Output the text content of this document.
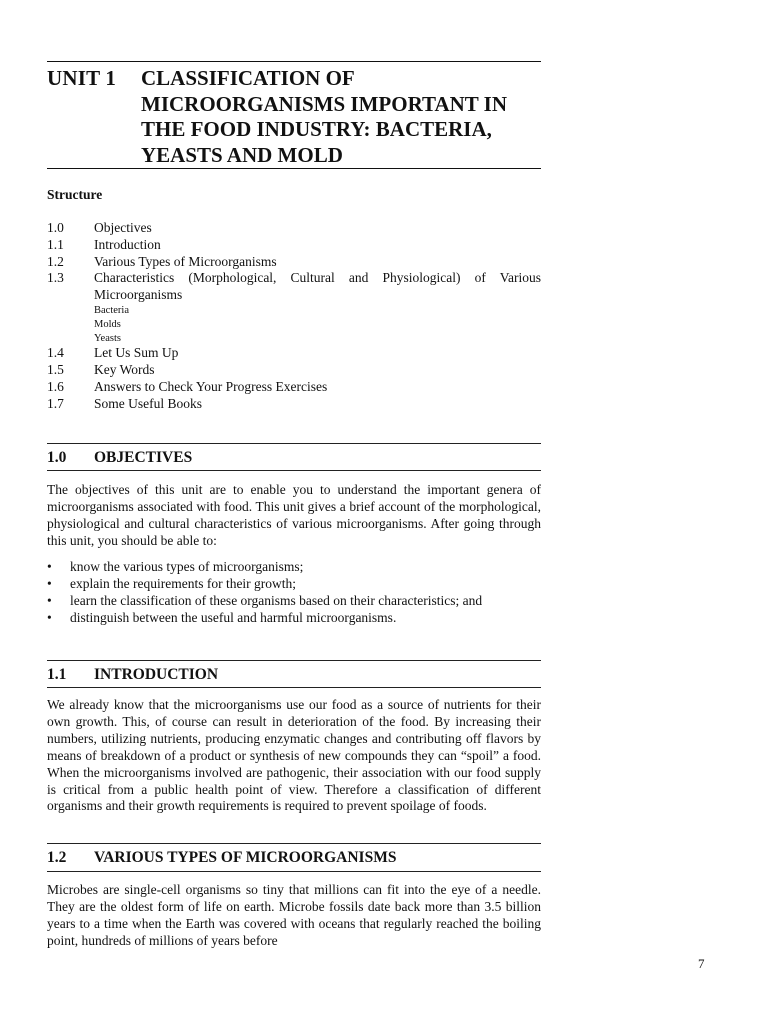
UNIT 1 CLASSIFICATION OF MICROORGANISMS IMPORTANT IN THE FOOD INDUSTRY: BACTERIA, YEASTS AND MOLD
Structure
1.0	Objectives
1.1	Introduction
1.2	Various Types of Microorganisms
1.3	Characteristics (Morphological, Cultural and Physiological) of Various Microorganisms
Bacteria
Molds
Yeasts
1.4	Let Us Sum Up
1.5	Key Words
1.6	Answers to Check Your Progress Exercises
1.7	Some Useful Books
1.0	OBJECTIVES
The objectives of this unit are to enable you to understand the important genera of microorganisms associated with food. This unit gives a brief account of the morphological, physiological and cultural characteristics of various microorganisms. After going through this unit, you should be able to:
•	know the various types of microorganisms;
•	explain the requirements for their growth;
•	learn the classification of these organisms based on their characteristics; and
•	distinguish between the useful and harmful microorganisms.
1.1	INTRODUCTION
We already know that the microorganisms use our food as a source of nutrients for their own growth. This, of course can result in deterioration of the food. By increasing their numbers, utilizing nutrients, producing enzymatic changes and contributing off flavors by means of breakdown of a product or synthesis of new compounds they can “spoil” a food. When the microorganisms involved are pathogenic, their association with our food supply is critical from a public health point of view. Therefore a classification of different organisms and their growth requirements is required to prevent spoilage of foods.
1.2	VARIOUS TYPES OF MICROORGANISMS
Microbes are single-cell organisms so tiny that millions can fit into the eye of a needle. They are the oldest form of life on earth. Microbe fossils date back more than 3.5 billion years to a time when the Earth was covered with oceans that regularly reached the boiling point, hundreds of millions of years before
7
